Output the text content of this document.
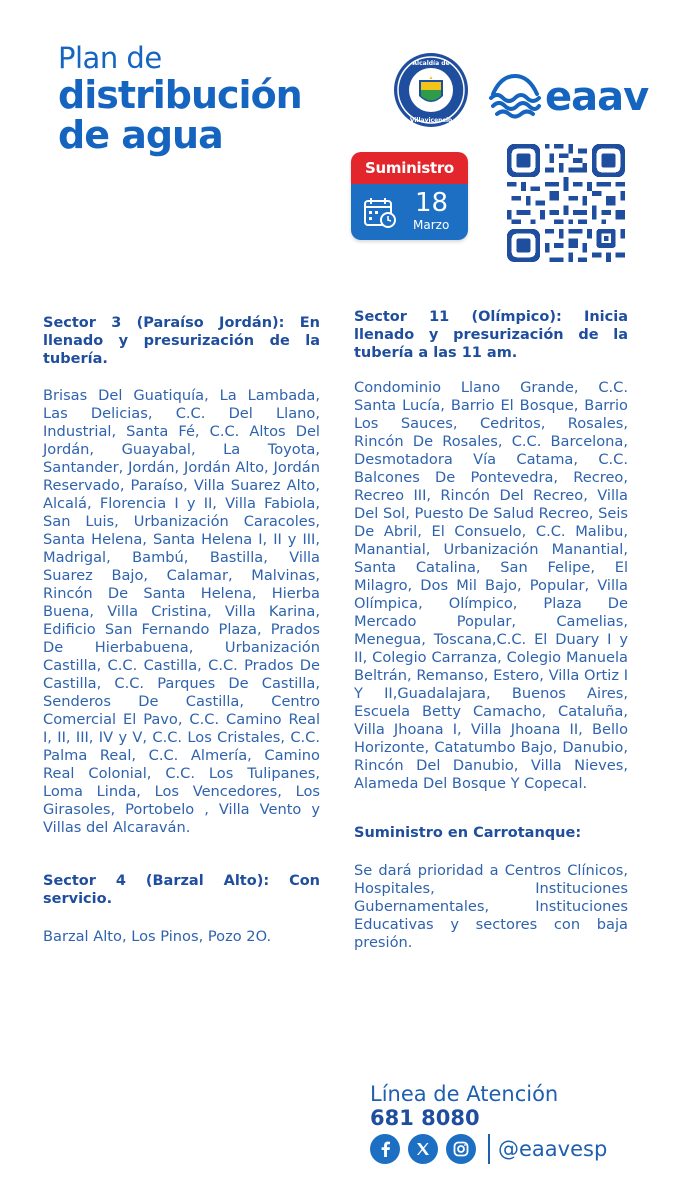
Plan de
distribución
de agua
Alcaldía de
Villavicencio
eaav
Suministro
18
Marzo
Sector 3 (Paraíso Jordán): En llenado y presurización de la tubería.
Brisas Del Guatiquía, La Lambada, Las Delicias, C.C. Del Llano, Industrial, Santa Fé, C.C. Altos Del Jordán, Guayabal, La Toyota, Santander, Jordán, Jordán Alto, Jordán Reservado, Paraíso, Villa Suarez Alto, Alcalá, Florencia I y II, Villa Fabiola, San Luis, Urbanización Caracoles, Santa Helena, Santa Helena I, II y III, Madrigal, Bambú, Bastilla, Villa Suarez Bajo, Calamar, Malvinas, Rincón De Santa Helena, Hierba Buena, Villa Cristina, Villa Karina, Edificio San Fernando Plaza, Prados De Hierbabuena, Urbanización Castilla, C.C. Castilla, C.C. Prados De Castilla, C.C. Parques De Castilla, Senderos De Castilla, Centro Comercial El Pavo, C.C. Camino Real I, II, III, IV y V, C.C. Los Cristales, C.C. Palma Real, C.C. Almería, Camino Real Colonial, C.C. Los Tulipanes, Loma Linda, Los Vencedores, Los Girasoles, Portobelo , Villa Vento y Villas del Alcaraván.
Sector 4 (Barzal Alto): Con servicio.
Barzal Alto, Los Pinos, Pozo 2O.
Sector 11 (Olímpico): Inicia llenado y presurización de la tubería a las 11 am.
Condominio Llano Grande, C.C. Santa Lucía, Barrio El Bosque, Barrio Los Sauces, Cedritos, Rosales, Rincón De Rosales, C.C. Barcelona, Desmotadora Vía Catama, C.C. Balcones De Pontevedra, Recreo, Recreo III, Rincón Del Recreo, Villa Del Sol, Puesto De Salud Recreo, Seis De Abril, El Consuelo, C.C. Malibu, Manantial, Urbanización Manantial, Santa Catalina, San Felipe, El Milagro, Dos Mil Bajo, Popular, Villa Olímpica, Olímpico, Plaza De Mercado Popular, Camelias, Menegua, Toscana,C.C. El Duary I y II, Colegio Carranza, Colegio Manuela Beltrán, Remanso, Estero, Villa Ortiz I Y II,Guadalajara, Buenos Aires, Escuela Betty Camacho, Cataluña, Villa Jhoana I, Villa Jhoana II, Bello Horizonte, Catatumbo Bajo, Danubio, Rincón Del Danubio, Villa Nieves, Alameda Del Bosque Y Copecal.
Suministro en Carrotanque:
Se dará prioridad a Centros Clínicos, Hospitales, Instituciones Gubernamentales, Instituciones Educativas y sectores con baja presión.
Línea de Atención
681 8080
@eaavesp
